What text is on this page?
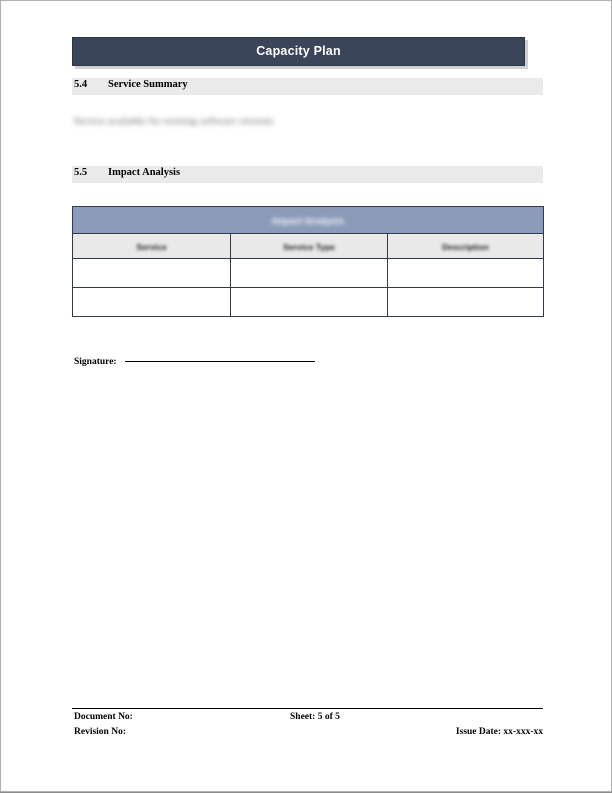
Capacity Plan
5.4 Service Summary
Service available for existing software versions
5.5 Impact Analysis
Impact Analysis		
Service	Service Type	Description

Signature:
Document No:	Sheet: 5 of 5
Revision No:	Issue Date: xx-xxx-xx
